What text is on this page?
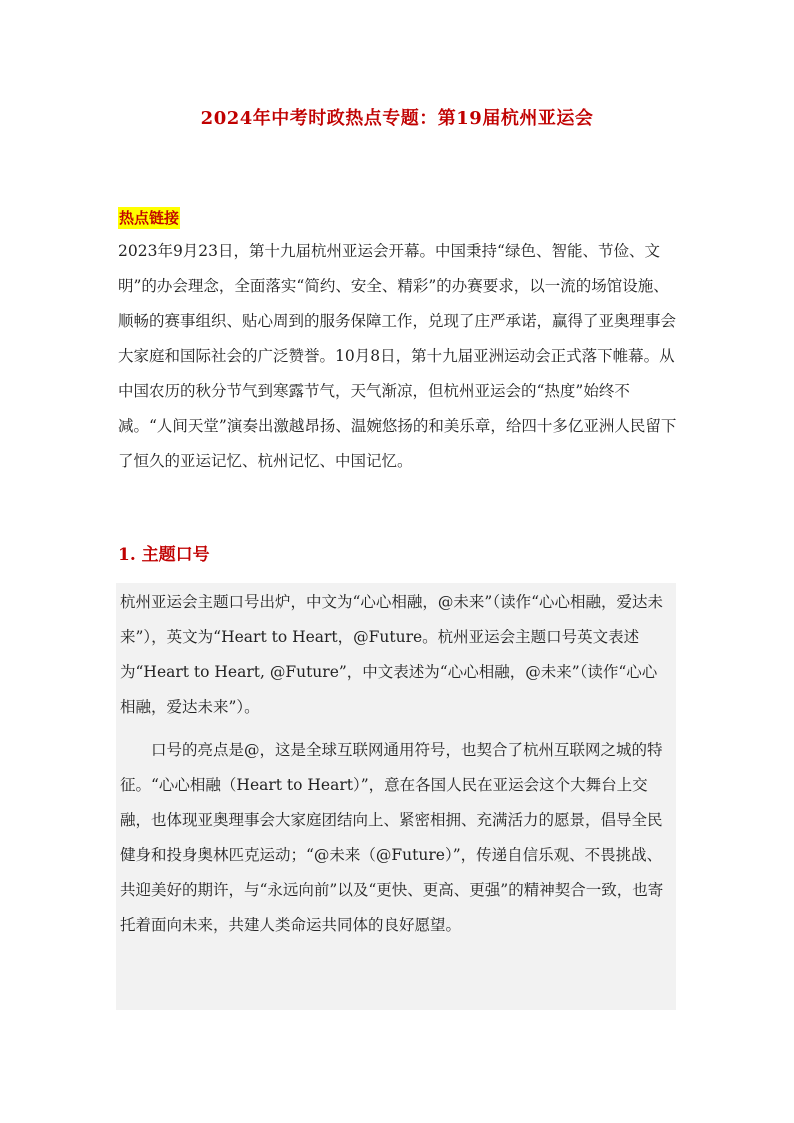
2024年中考时政热点专题：第19届杭州亚运会
热点链接

2023年9月23日，第十九届杭州亚运会开幕。中国秉持“绿色、智能、节俭、文明”的办会理念，全面落实“简约、安全、精彩”的办赛要求，以一流的场馆设施、顺畅的赛事组织、贴心周到的服务保障工作，兑现了庄严承诺，赢得了亚奥理事会大家庭和国际社会的广泛赞誉。10月8日，第十九届亚洲运动会正式落下帷幕。从中国农历的秋分节气到寒露节气，天气渐凉，但杭州亚运会的“热度”始终不减。“人间天堂”演奏出激越昂扬、温婉悠扬的和美乐章，给四十多亿亚洲人民留下了恒久的亚运记忆、杭州记忆、中国记忆。

1. 主题口号

杭州亚运会主题口号出炉，中文为“心心相融，@未来”（读作“心心相融，爱达未来”），英文为“Heart to Heart，@Future。杭州亚运会主题口号英文表述为“Heart to Heart, @Future”，中文表述为“心心相融，@未来”（读作“心心相融，爱达未来”）。

口号的亮点是@，这是全球互联网通用符号，也契合了杭州互联网之城的特征。“心心相融（Heart to Heart）”，意在各国人民在亚运会这个大舞台上交融，也体现亚奥理事会大家庭团结向上、紧密相拥、充满活力的愿景，倡导全民健身和投身奥林匹克运动；“@未来（@Future）”，传递自信乐观、不畏挑战、共迎美好的期许，与“永远向前”以及“更快、更高、更强”的精神契合一致，也寄托着面向未来，共建人类命运共同体的良好愿望。
